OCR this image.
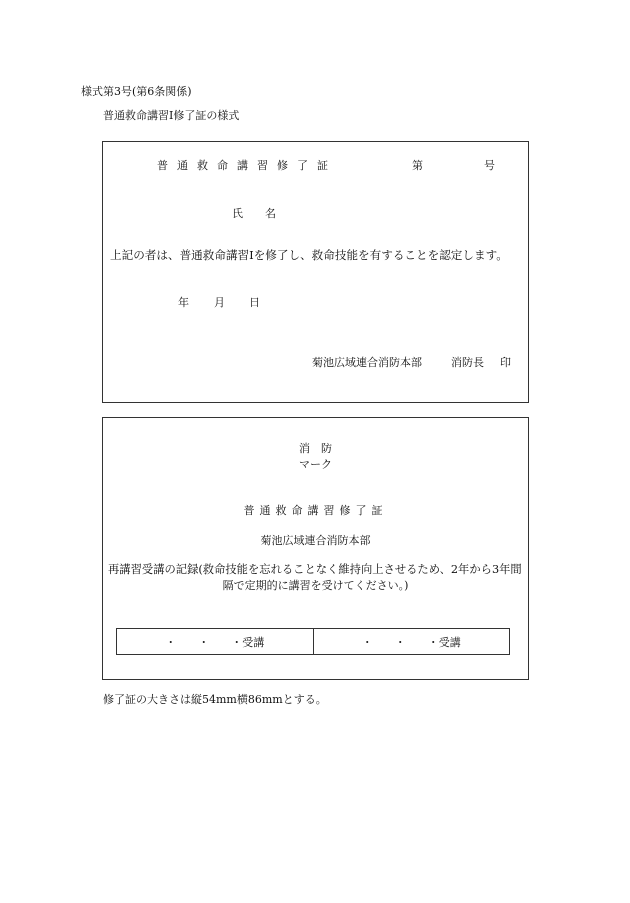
様式第3号(第6条関係)
普通救命講習Ⅰ修了証の様式
普通救命講習修了証	第	号
氏 名
上記の者は、普通救命講習Ⅰを修了し、救命技能を有することを認定します。
年 月 日
菊池広域連合消防本部	消防長 印
消　防
マーク
普通救命講習修了証
菊池広域連合消防本部
再講習受講の記録(救命技能を忘れることなく維持向上させるため、2年から3年間
隔で定期的に講習を受けてください。)
・　　・　　・受講	・　　・　　・受講
修了証の大きさは縦54mm横86mmとする。
